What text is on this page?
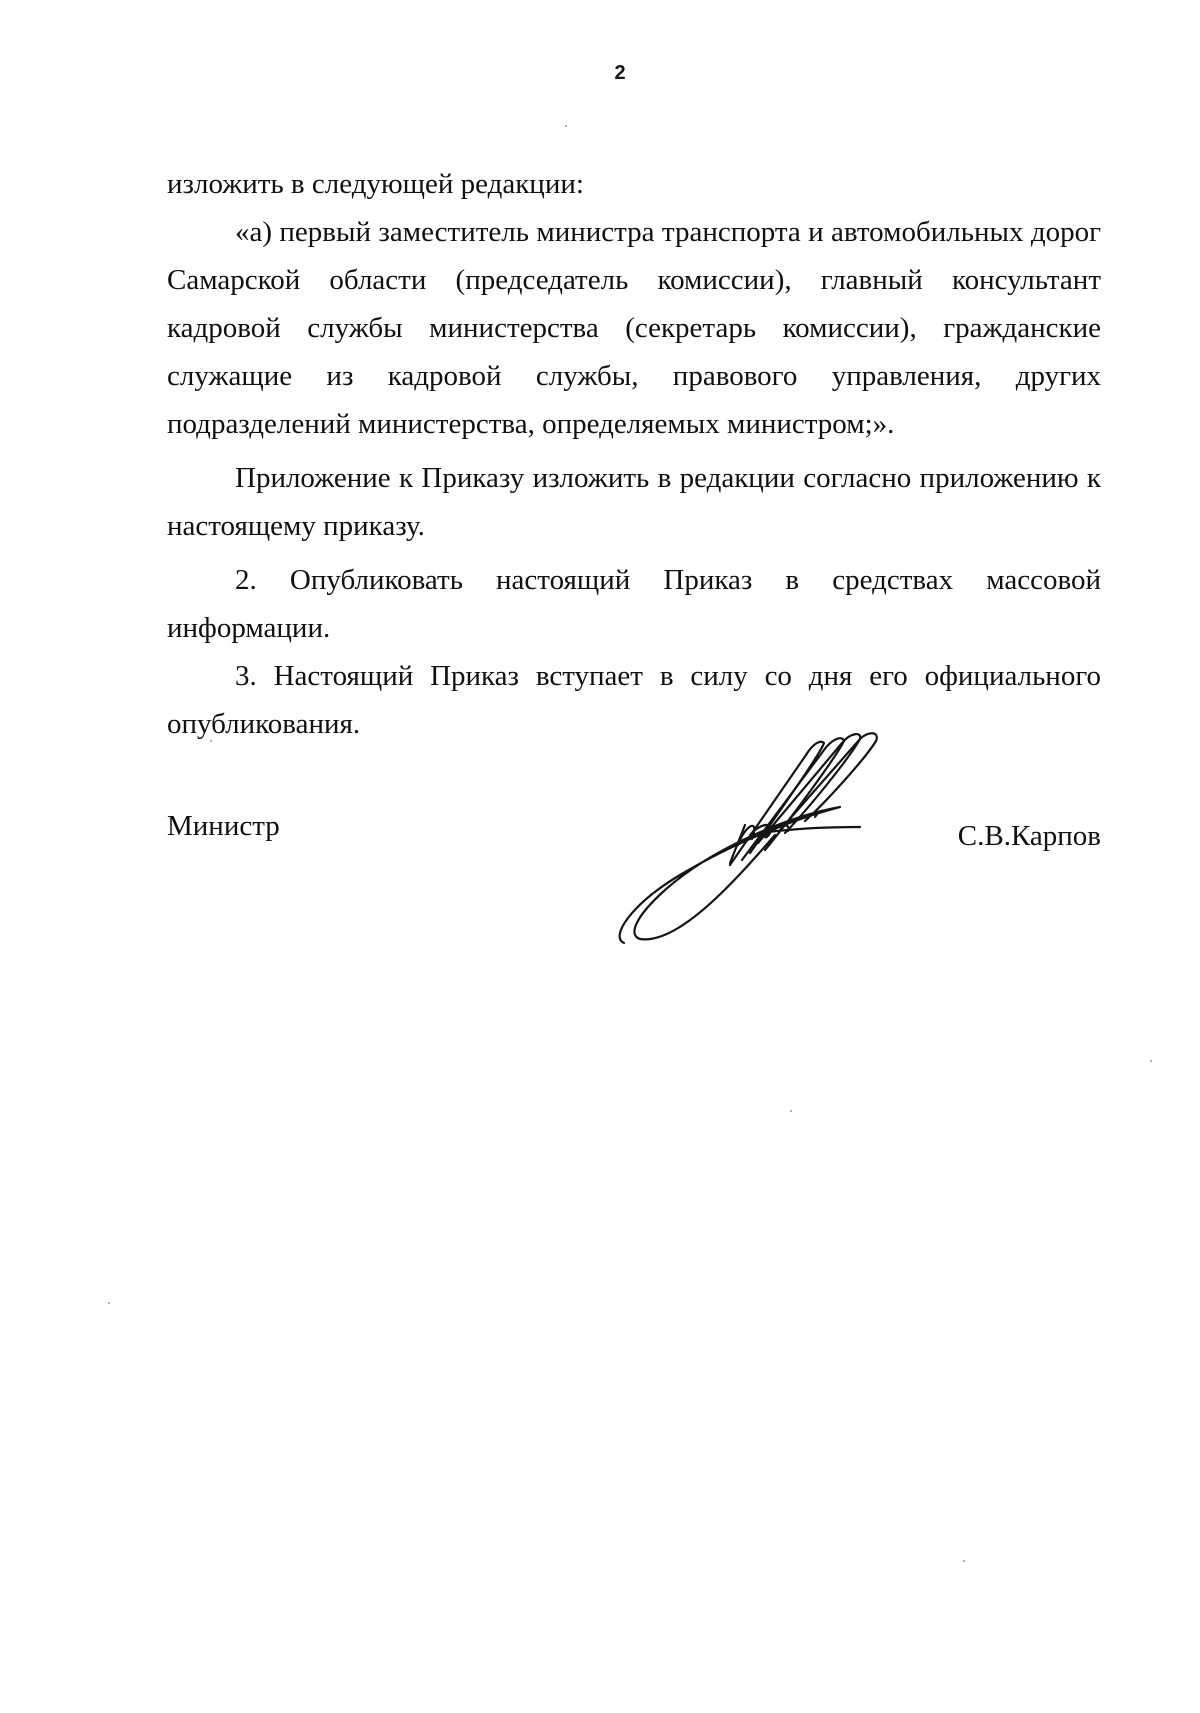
2

изложить в следующей редакции:

«а) первый заместитель министра транспорта и автомобильных дорог Самарской области (председатель комиссии), главный консультант кадровой службы министерства (секретарь комиссии), гражданские служащие из кадровой службы, правового управления, других подразделений министерства, определяемых министром;».

Приложение к Приказу изложить в редакции согласно приложению к настоящему приказу.

2. Опубликовать настоящий Приказ в средствах массовой информации.

3. Настоящий Приказ вступает в силу со дня его официального опубликования.

Министр	С.В.Карпов
